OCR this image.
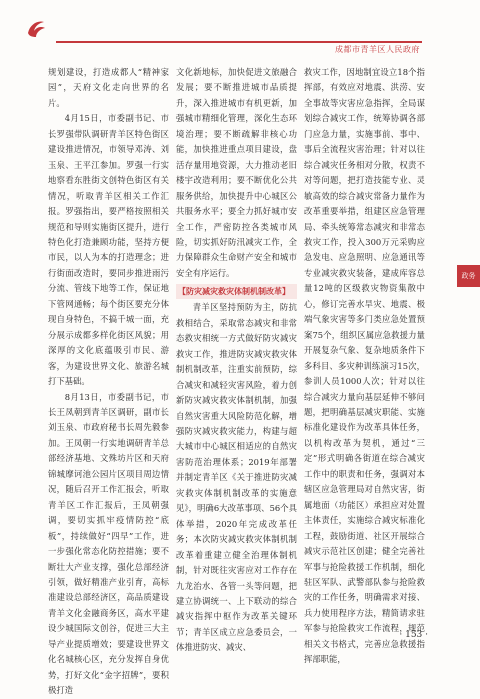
成都市青羊区人民政府

规划建设，打造成都人“精神家园”，天府文化走向世界的名片。

4月15日，市委副书记、市长罗强带队调研青羊区特色街区建设推进情况，市领导邓涛、刘玉泉、王平江参加。罗强一行实地察看东胜街文创特色街区有关情况，听取青羊区相关工作汇报。罗强指出，要严格按照相关规范和导则实施街区提升，进行特色化打造兼顾功能，坚持方便市民，以人为本的打造理念；进行街面改造时，要同步推进雨污分流、管线下地等工作，保证地下管网通畅；每个街区要充分体现自身特色，不搞千城一面，充分展示成都多样化街区风貌；用深厚的文化底蕴吸引市民、游客，为建设世界文化、旅游名城打下基础。

8月13日，市委副书记，市长王凤朝到青羊区调研，副市长刘玉泉、市政府秘书长周先毅参加。王凤朝一行实地调研青羊总部经济基地、文殊坊片区和天府锦城摩诃池公园片区项目周边情况，随后召开工作汇报会，听取青羊区工作汇报后，王凤朝强调，要切实抓牢疫情防控“底板”，持续做好“四早”工作，进一步强化常态化防控措施；要不断壮大产业支撑，强化总部经济引领，做好精准产业引育，高标准建设总部经济区，高品质建设青羊文化金融商务区，高水平建设少城国际文创谷，促进三大主导产业提质增效；要建设世界文化名城核心区，充分发挥自身优势，打好文化“金字招牌”，要积极打造

文化新地标，加快促进文旅融合发展；要不断推进城市品质提升，深入推进城市有机更新，加强城市精细化管理，深化生态环境治理；要不断疏解非核心功能，加快推进重点项目建设，盘活存量用地资源，大力推动老旧楼宇改造利用；要不断优化公共服务供给，加快提升中心城区公共服务水平；要全力抓好城市安全工作，严密防控各类城市风险，切实抓好防汛减灾工作，全力保障群众生命财产安全和城市安全有序运行。

【防灾减灾救灾体制机制改革】

青羊区坚持预防为主，防抗救相结合，采取常态减灾和非常态救灾相统一方式做好防灾减灾救灾工作，推进防灾减灾救灾体制机制改革，注重实前预防，综合减灾和减轻灾害风险，着力创新防灾减灾救灾体制机制，加强自然灾害重大风险防范化解，增强防灾减灾救灾能力，构建与超大城市中心城区相适应的自然灾害防范治理体系；2019年部署并制定青羊区《关于推进防灾减灾救灾体制机制改革的实施意见》，明确6大改革事项、56个具体举措，2020年完成改革任务；本次防灾减灾救灾体制机制改革着重建立健全治理体制机制，针对既往灾害应对工作存在九龙治水、各管一头等问题，把建立协调统一、上下联动的综合减灾指挥中枢作为改革关键环节；青羊区成立应急委员会，一体推进防灾、减灾、

救灾工作，因地制宜设立18个指挥部，有效应对地震、洪涝、安全事故等灾害应急指挥，全局谋划综合减灾工作，统筹协调各部门应急力量，实施事前、事中、事后全流程灾害治理；针对以往综合减灾任务相对分散，权责不对等问题，把打造技能专业、灵敏高效的综合减灾常备力量作为改革重要举措，组建区应急管理局、牵头统筹常态减灾和非常态救灾工作，投入300万元采购应急发电、应急照明、应急通讯等专业减灾救灾装备，建成库容总量12吨的区级救灾物资集散中心，修订完善水旱灾、地震、极端气象灾害等多门类应急处置预案75个，组织区属应急救援力量开展复杂气象、复杂地质条件下多科目、多灾种训练演习15次，参训人员1000人次；针对以往综合减灾力量向基层延伸不够问题，把明确基层减灾职能、实施标准化建设作为改革具体任务，以机构改革为契机，通过“三定”形式明确各街道在综合减灾工作中的职责和任务，强调对本辖区应急管理局对自然灾害，街属地面（功能区）承担应对处置主体责任，实施综合减灾标准化工程，鼓励街道、社区开展综合减灾示范社区创建；健全完善社军事与抢险救援工作机制，细化驻区军队、武警部队参与抢险救灾的工作任务，明确需求对接、兵力使用程序方法，精简请求驻军参与抢险救灾工作流程，规范相关文书格式，完善应急救援指挥部职能，

政务
· 153 ·
